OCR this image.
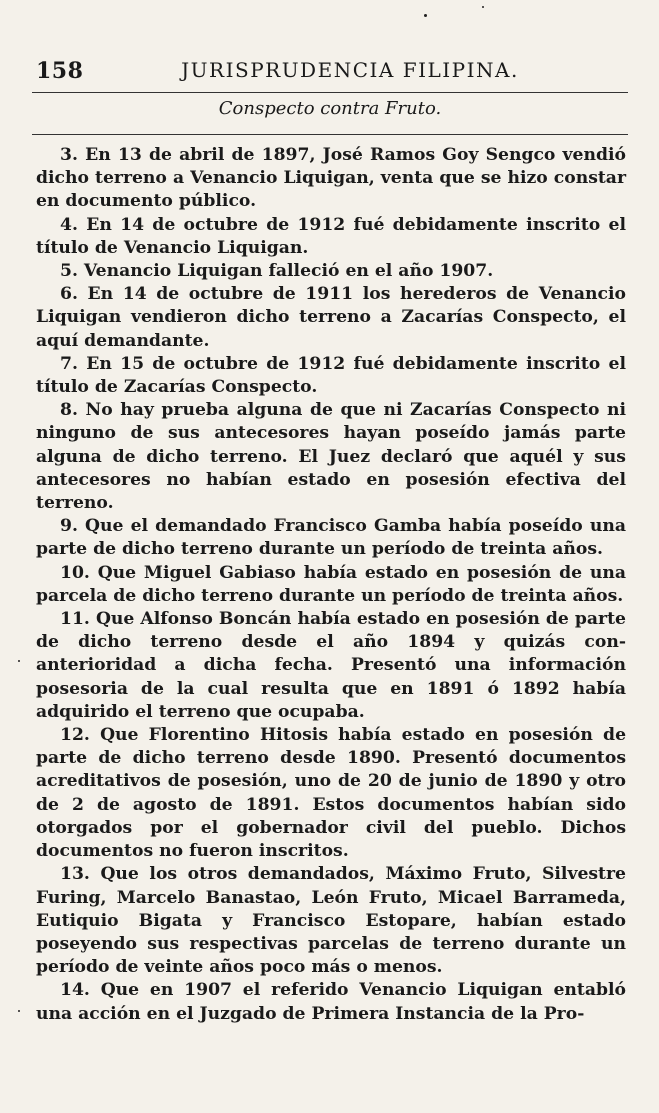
158	JURISPRUDENCIA FILIPINA.
Conspecto contra Fruto.

3. En 13 de abril de 1897, José Ramos Goy Sengco vendió dicho terreno a Venancio Liquigan, venta que se hizo constar en documento público.

4. En 14 de octubre de 1912 fué debidamente inscrito el título de Venancio Liquigan.

5. Venancio Liquigan falleció en el año 1907.

6. En 14 de octubre de 1911 los herederos de Venancio Liquigan vendieron dicho terreno a Zacarías Conspecto, el aquí demandante.

7. En 15 de octubre de 1912 fué debidamente inscrito el título de Zacarías Conspecto.

8. No hay prueba alguna de que ni Zacarías Conspecto ni ninguno de sus antecesores hayan poseído jamás parte alguna de dicho terreno. El Juez declaró que aquél y sus antecesores no habían estado en posesión efectiva del terreno.

9. Que el demandado Francisco Gamba había poseído una parte de dicho terreno durante un período de treinta años.

10. Que Miguel Gabiaso había estado en posesión de una parcela de dicho terreno durante un período de treinta años.

11. Que Alfonso Boncán había estado en posesión de parte de dicho terreno desde el año 1894 y quizás con- anterioridad a dicha fecha. Presentó una información posesoria de la cual resulta que en 1891 ó 1892 había adquirido el terreno que ocupaba.

12. Que Florentino Hitosis había estado en posesión de parte de dicho terreno desde 1890. Presentó documentos acreditativos de posesión, uno de 20 de junio de 1890 y otro de 2 de agosto de 1891. Estos documentos habían sido otorgados por el gobernador civil del pueblo. Dichos documentos no fueron inscritos.

13. Que los otros demandados, Máximo Fruto, Silvestre Furing, Marcelo Banastao, León Fruto, Micael Barrameda, Eutiquio Bigata y Francisco Estopare, habían estado poseyendo sus respectivas parcelas de terreno durante un período de veinte años poco más o menos.

14. Que en 1907 el referido Venancio Liquigan entabló una acción en el Juzgado de Primera Instancia de la Pro-
